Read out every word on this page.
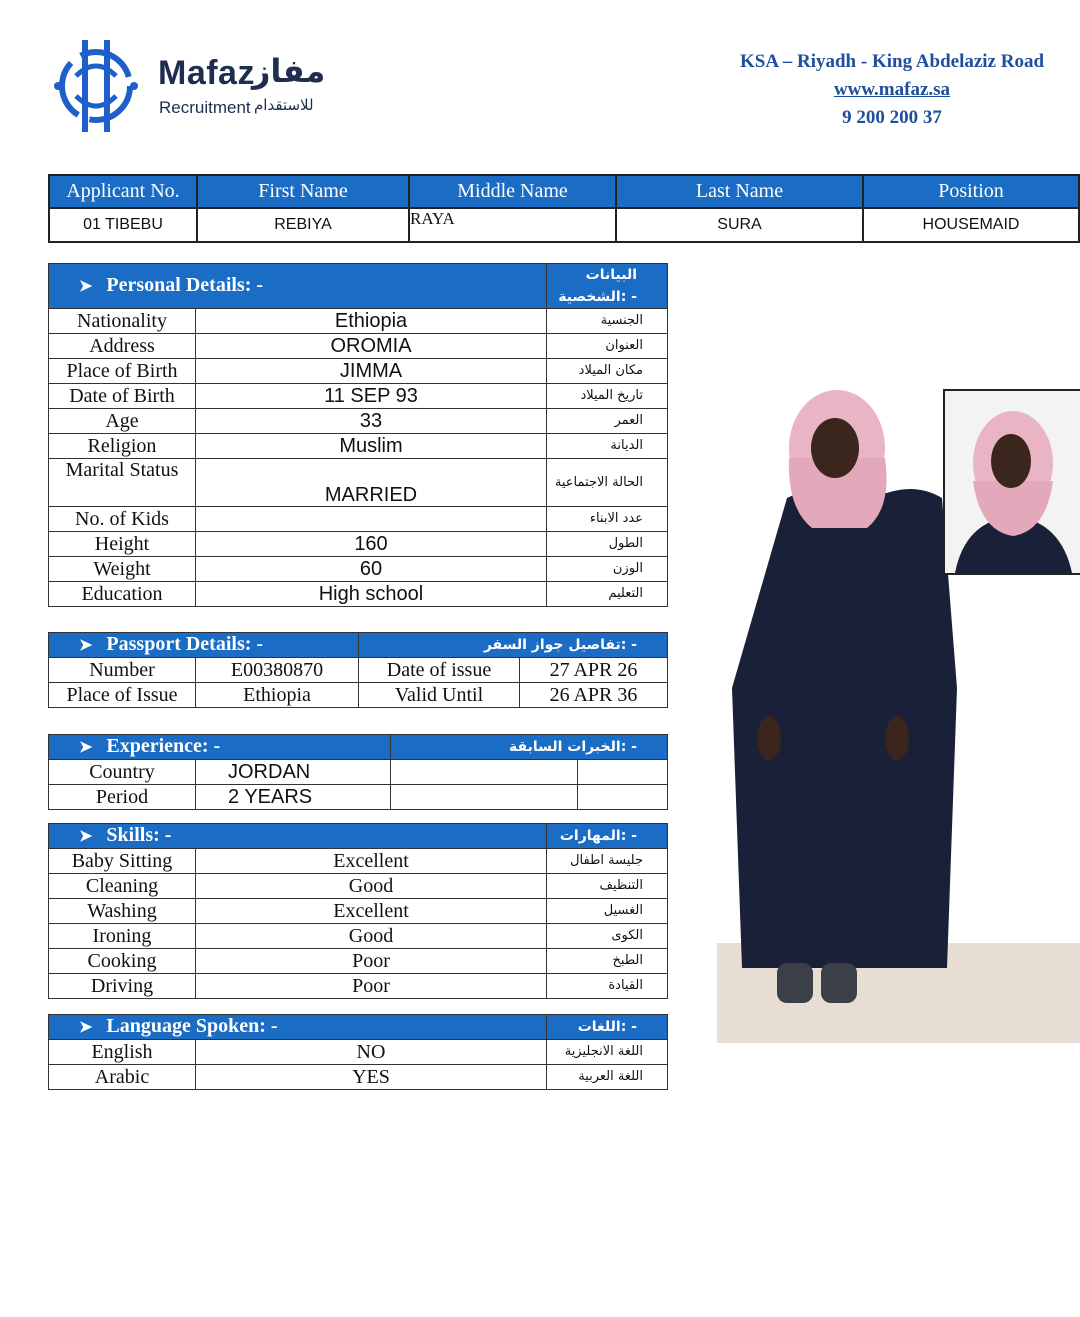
Mafaz
مفاز
Recruitment للاستقدام
KSA – Riyadh - King Abdelaziz Road
www.mafaz.sa
9 200 200 37
Applicant No.	First Name	Middle Name	Last Name	Position
01 TIBEBU	REBIYA	RAYA	SURA	HOUSEMAID
➤ Personal Details: -		البيانات الشخصية: -
Nationality	Ethiopia	الجنسية
Address	OROMIA	العنوان
Place of Birth	JIMMA	مكان الميلاد
Date of Birth	11 SEP 93	تاريخ الميلاد
Age	33	العمر
Religion	Muslim	الديانة
Marital Status	MARRIED	الحالة الاجتماعية
No. of Kids		عدد الابناء
Height	160	الطول
Weight	60	الوزن
Education	High school	التعليم
➤ Passport Details: -		تفاصيل جواز السفر: -	
Number	E00380870	Date of issue	27 APR 26
Place of Issue	Ethiopia	Valid Until	26 APR 36
➤ Experience: -		الخبرات السابقة: -	
Country	JORDAN		
Period	2 YEARS		
➤ Skills: -		المهارات: -
Baby Sitting	Excellent	جليسة اطفال
Cleaning	Good	التنظيف
Washing	Excellent	الغسيل
Ironing	Good	الكوى
Cooking	Poor	الطبخ
Driving	Poor	القيادة
➤ Language Spoken: -		اللغات: -
English	NO	اللغة الانجليزية
Arabic	YES	اللغة العربية
